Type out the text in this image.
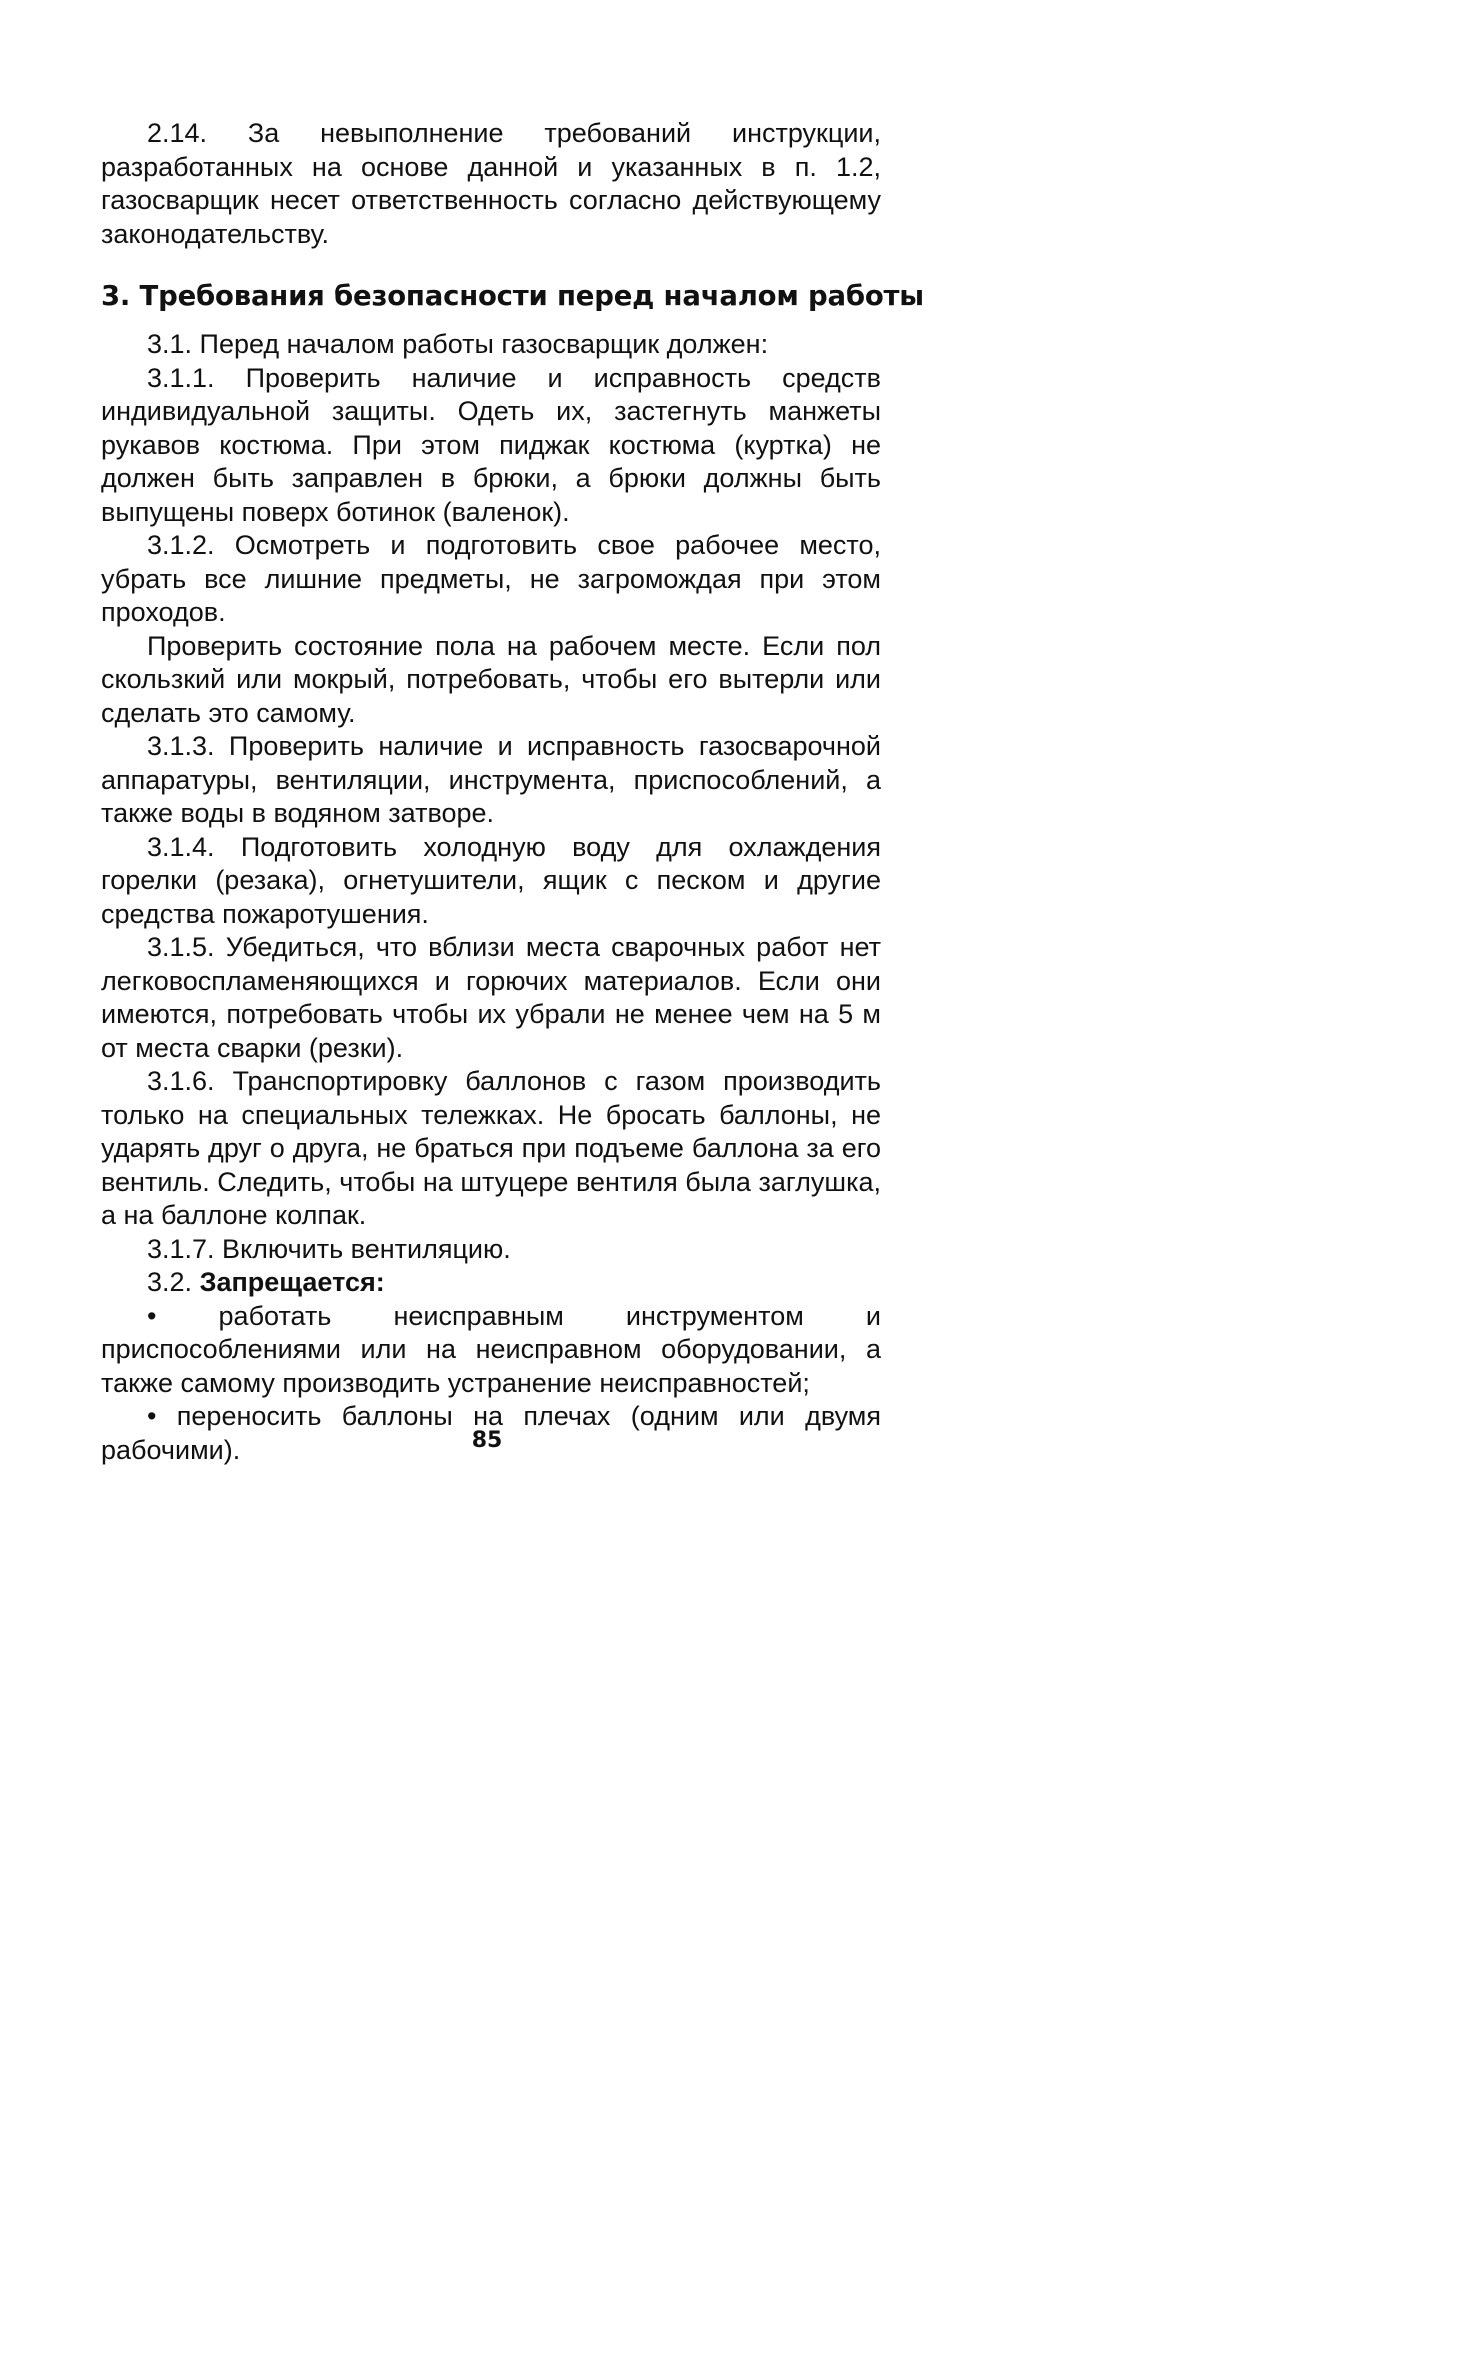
2.14. За невыполнение требований инструкции, разработанных на основе данной и указанных в п. 1.2, газосварщик несет ответственность согласно действующему законодательству.

3. Требования безопасности перед началом работы

3.1. Перед началом работы газосварщик должен:

3.1.1. Проверить наличие и исправность средств индивидуальной защиты. Одеть их, застегнуть манжеты рукавов костюма. При этом пиджак костюма (куртка) не должен быть заправлен в брюки, а брюки должны быть выпущены поверх ботинок (валенок).

3.1.2. Осмотреть и подготовить свое рабочее место, убрать все лишние предметы, не загромождая при этом проходов.

Проверить состояние пола на рабочем месте. Если пол скользкий или мокрый, потребовать, чтобы его вытерли или сделать это самому.

3.1.3. Проверить наличие и исправность газосварочной аппаратуры, вентиляции, инструмента, приспособлений, а также воды в водяном затворе.

3.1.4. Подготовить холодную воду для охлаждения горелки (резака), огнетушители, ящик с песком и другие средства пожаротушения.

3.1.5. Убедиться, что вблизи места сварочных работ нет легковоспламеняющихся и горючих материалов. Если они имеются, потребовать чтобы их убрали не менее чем на 5 м от места сварки (резки).

3.1.6. Транспортировку баллонов с газом производить только на специальных тележках. Не бросать баллоны, не ударять друг о друга, не браться при подъеме баллона за его вентиль. Следить, чтобы на штуцере вентиля была заглушка, а на баллоне колпак.

3.1.7. Включить вентиляцию.

3.2. Запрещается:

• работать неисправным инструментом и приспособлениями или на неисправном оборудовании, а также самому производить устранение неисправностей;

• переносить баллоны на плечах (одним или двумя рабочими).	85
